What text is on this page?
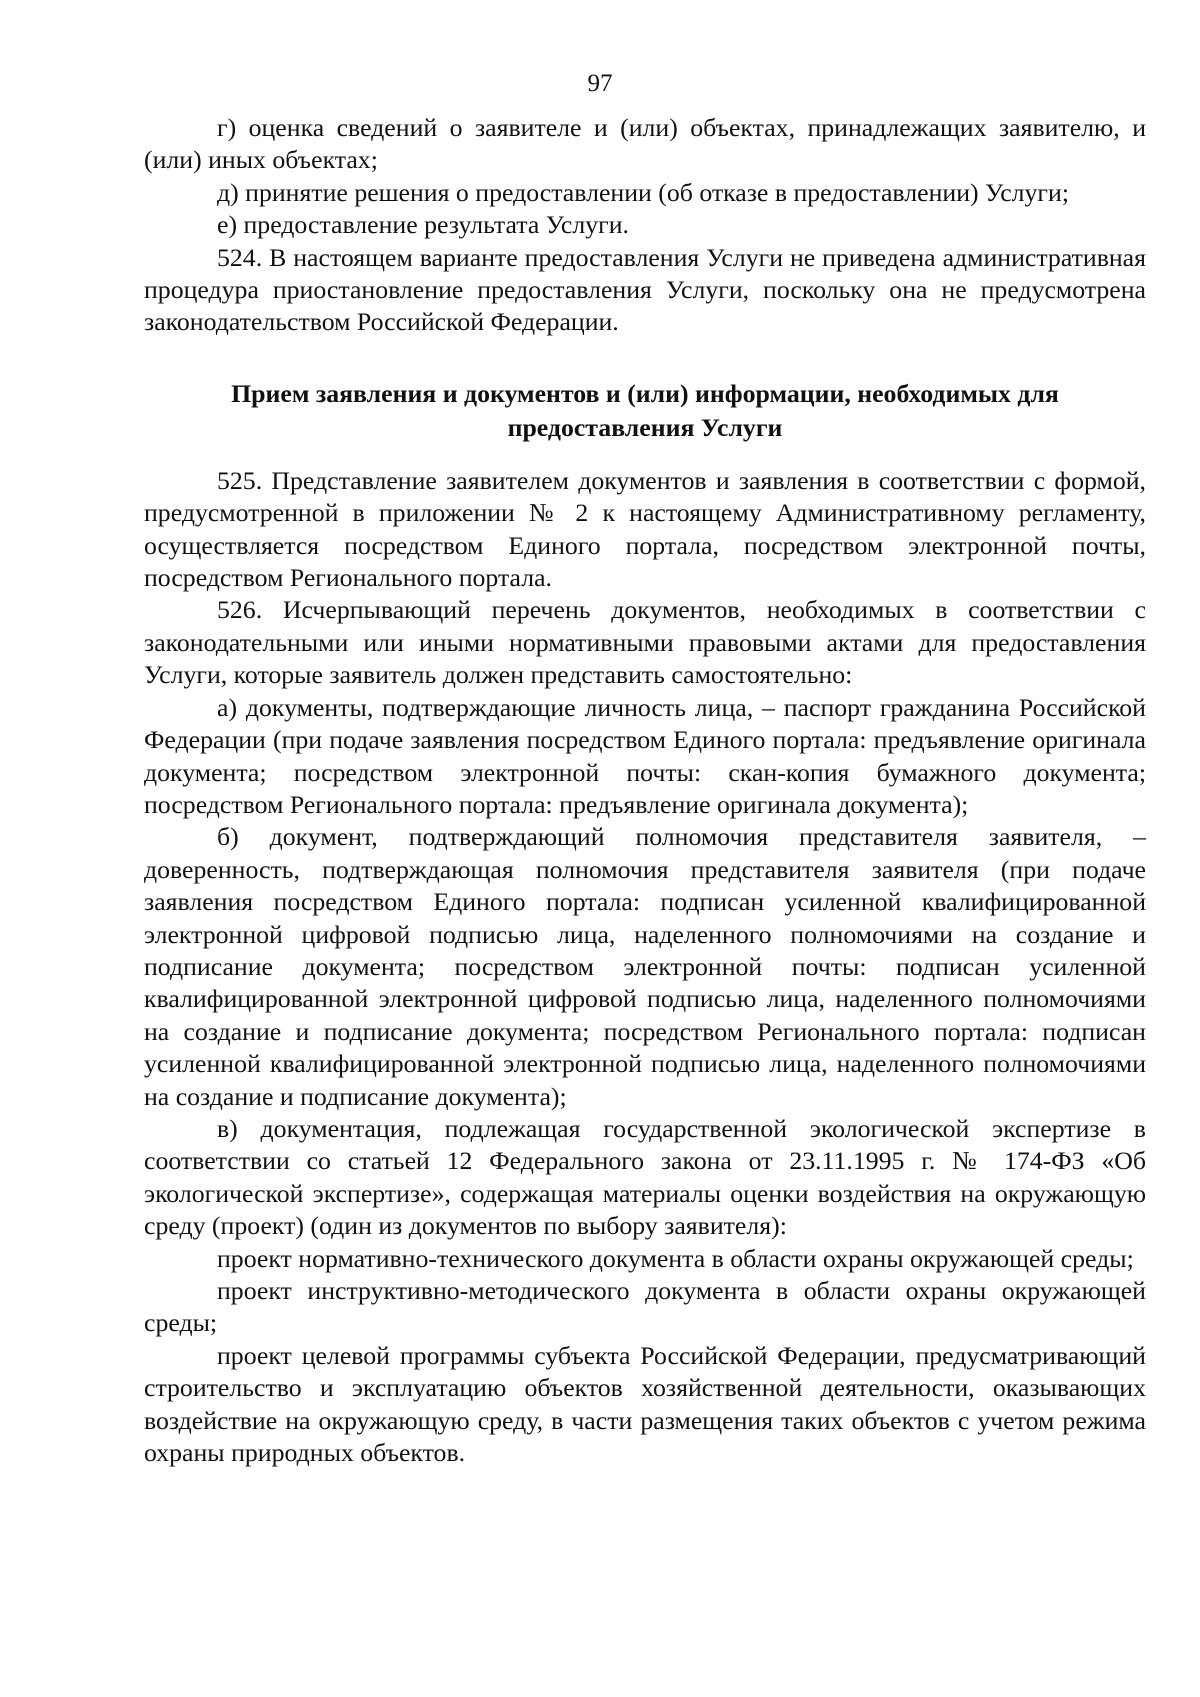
97

г) оценка сведений о заявителе и (или) объектах, принадлежащих заявителю, и (или) иных объектах;

д) принятие решения о предоставлении (об отказе в предоставлении) Услуги;

е) предоставление результата Услуги.

524. В настоящем варианте предоставления Услуги не приведена административная процедура приостановление предоставления Услуги, поскольку она не предусмотрена законодательством Российской Федерации.

Прием заявления и документов и (или) информации, необходимых для
предоставления Услуги

525. Представление заявителем документов и заявления в соответствии с формой, предусмотренной в приложении № 2 к настоящему Административному регламенту, осуществляется посредством Единого портала, посредством электронной почты, посредством Регионального портала.

526. Исчерпывающий перечень документов, необходимых в соответствии с законодательными или иными нормативными правовыми актами для предоставления Услуги, которые заявитель должен представить самостоятельно:

а) документы, подтверждающие личность лица, – паспорт гражданина Российской Федерации (при подаче заявления посредством Единого портала: предъявление оригинала документа; посредством электронной почты: скан-копия бумажного документа; посредством Регионального портала: предъявление оригинала документа);

б) документ, подтверждающий полномочия представителя заявителя, – доверенность, подтверждающая полномочия представителя заявителя (при подаче заявления посредством Единого портала: подписан усиленной квалифицированной электронной цифровой подписью лица, наделенного полномочиями на создание и подписание документа; посредством электронной почты: подписан усиленной квалифицированной электронной цифровой подписью лица, наделенного полномочиями на создание и подписание документа; посредством Регионального портала: подписан усиленной квалифицированной электронной подписью лица, наделенного полномочиями на создание и подписание документа);

в) документация, подлежащая государственной экологической экспертизе в соответствии со статьей 12 Федерального закона от 23.11.1995 г. № 174-ФЗ «Об экологической экспертизе», содержащая материалы оценки воздействия на окружающую среду (проект) (один из документов по выбору заявителя):

проект нормативно-технического документа в области охраны окружающей среды;

проект инструктивно-методического документа в области охраны окружающей среды;

проект целевой программы субъекта Российской Федерации, предусматривающий строительство и эксплуатацию объектов хозяйственной деятельности, оказывающих воздействие на окружающую среду, в части размещения таких объектов с учетом режима охраны природных объектов.
